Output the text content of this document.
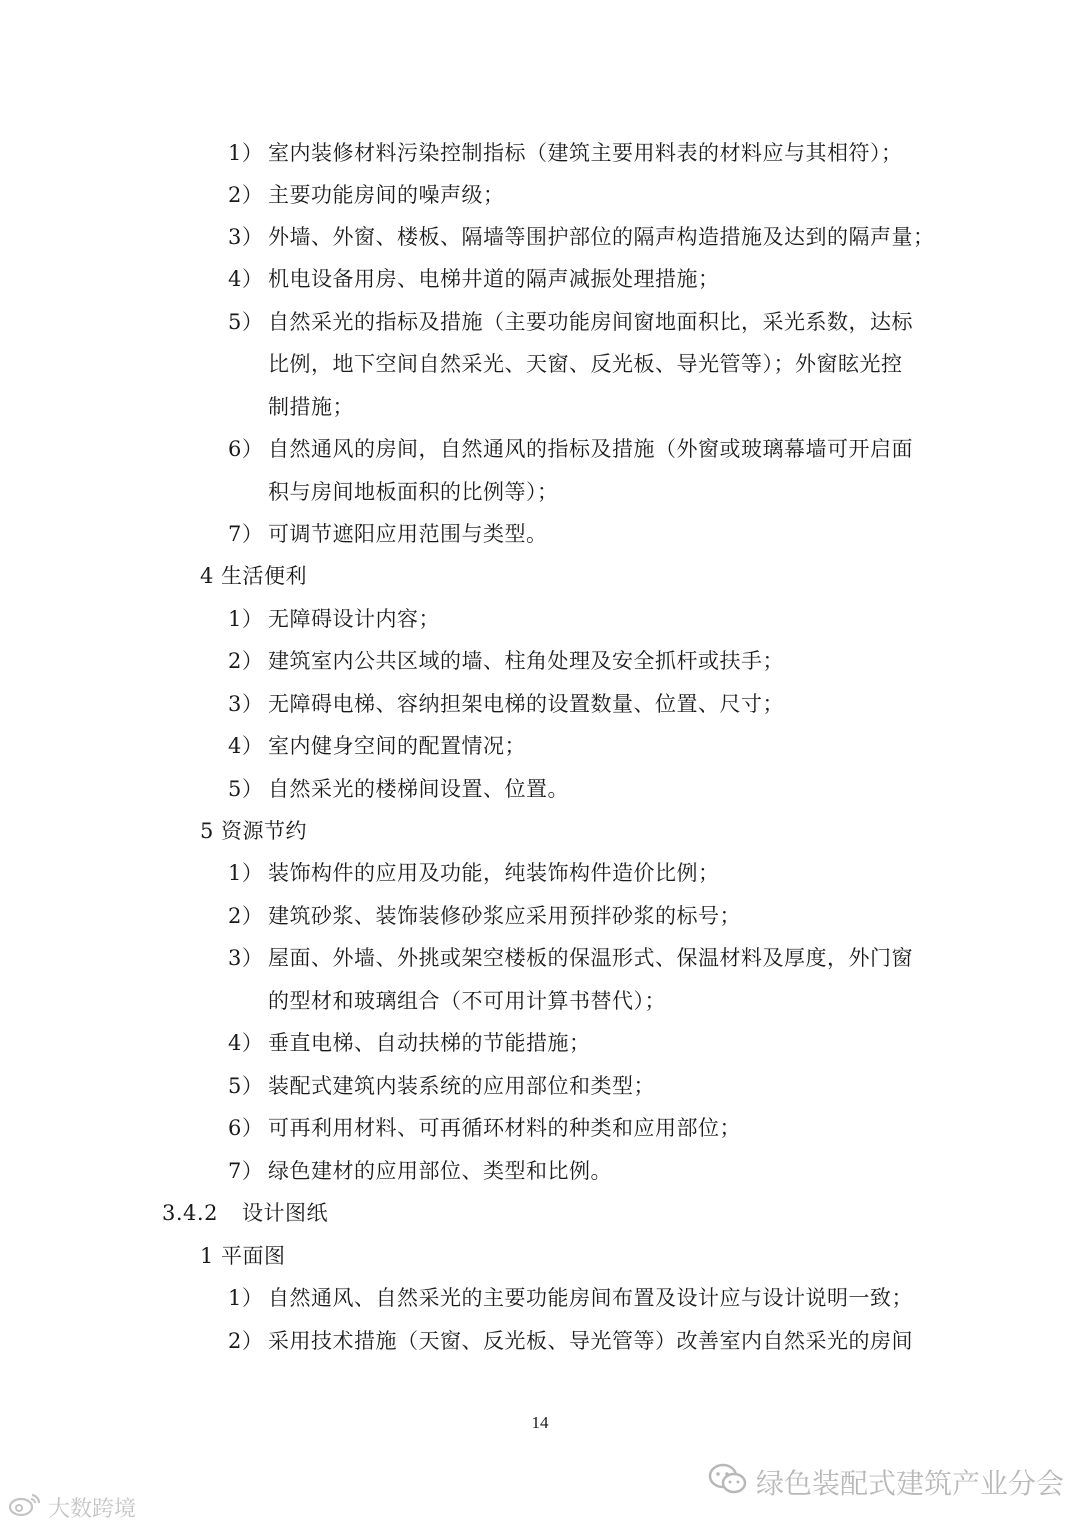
1） 室内装修材料污染控制指标（建筑主要用料表的材料应与其相符）；
2） 主要功能房间的噪声级；
3） 外墙、外窗、楼板、隔墙等围护部位的隔声构造措施及达到的隔声量；
4） 机电设备用房、电梯井道的隔声减振处理措施；
5） 自然采光的指标及措施（主要功能房间窗地面积比，采光系数，达标
比例，地下空间自然采光、天窗、反光板、导光管等）；外窗眩光控
制措施；
6） 自然通风的房间，自然通风的指标及措施（外窗或玻璃幕墙可开启面
积与房间地板面积的比例等）；
7） 可调节遮阳应用范围与类型。
4 生活便利
1） 无障碍设计内容；
2） 建筑室内公共区域的墙、柱角处理及安全抓杆或扶手；
3） 无障碍电梯、容纳担架电梯的设置数量、位置、尺寸；
4） 室内健身空间的配置情况；
5） 自然采光的楼梯间设置、位置。
5 资源节约
1） 装饰构件的应用及功能，纯装饰构件造价比例；
2） 建筑砂浆、装饰装修砂浆应采用预拌砂浆的标号；
3） 屋面、外墙、外挑或架空楼板的保温形式、保温材料及厚度，外门窗
的型材和玻璃组合（不可用计算书替代）；
4） 垂直电梯、自动扶梯的节能措施；
5） 装配式建筑内装系统的应用部位和类型；
6） 可再利用材料、可再循环材料的种类和应用部位；
7） 绿色建材的应用部位、类型和比例。
3.4.2 设计图纸
1 平面图
1） 自然通风、自然采光的主要功能房间布置及设计应与设计说明一致；
2） 采用技术措施（天窗、反光板、导光管等）改善室内自然采光的房间
14
绿色装配式建筑产业分会
大数跨境
